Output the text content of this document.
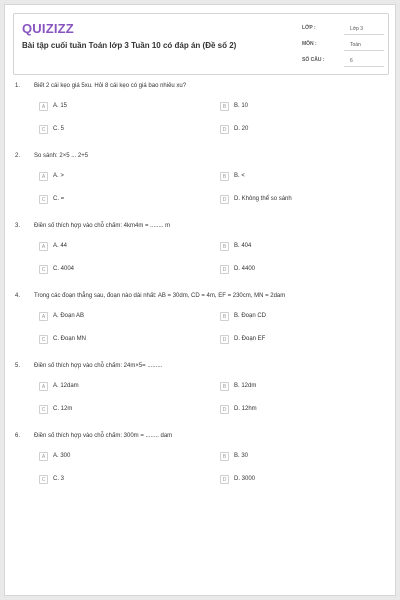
QUIZIZZ
Bài tập cuối tuần Toán lớp 3 Tuần 10 có đáp án (Đề số 2)
LỚP :	Lớp 3
MÔN :	Toán
SỐ CÂU :	6
1. Biết 2 cái kẹo giá 5xu. Hỏi 8 cái kẹo có giá bao nhiêu xu?
A	A. 15	B	B. 10
C	C. 5	D	D. 20
2. So sánh: 2×5 ... 2+5
A	A. >	B	B. <
C	C. =	D	D. Không thể so sánh
3. Điền số thích hợp vào chỗ chấm: 4km4m = ........ m
A	A. 44	B	B. 404
C	C. 4004	D	D. 4400
4. Trong các đoạn thẳng sau, đoạn nào dài nhất: AB = 30dm, CD = 4m, EF = 230cm, MN = 2dam
A	A. Đoạn AB	B	B. Đoạn CD
C	C. Đoạn MN	D	D. Đoạn EF
5. Điền số thích hợp vào chỗ chấm: 24m×5= .........
A	A. 12dam	B	B. 12dm
C	C. 12m	D	D. 12hm
6. Điền số thích hợp vào chỗ chấm: 300m = ........ dam
A	A. 300	B	B. 30
C	C. 3	D	D. 3000
